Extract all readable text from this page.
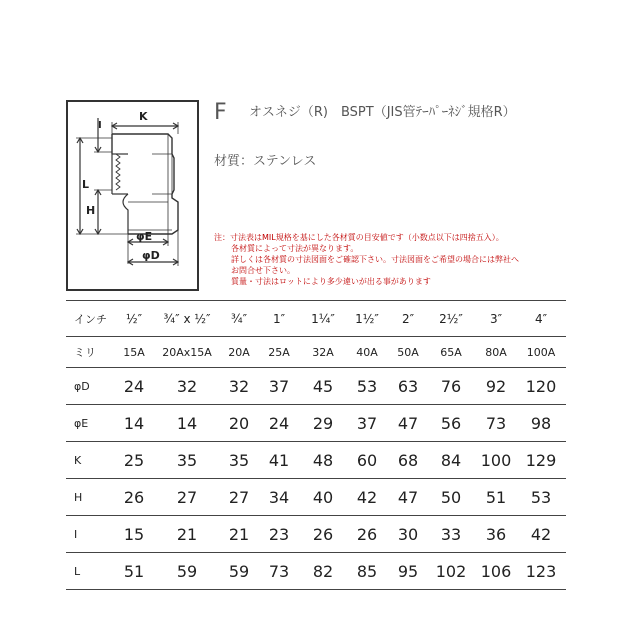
K
I
L
H
φE
φD
F オスネジ（R)　BSPT（JIS管ﾃｰﾊﾟｰﾈｼﾞ規格R）
材質：ステンレス
注：寸法表はMIL規格を基にした各材質の目安値です（小数点以下は四捨五入）。
各材質によって寸法が異なります。
詳しくは各材質の寸法図面をご確認下さい。寸法図面をご希望の場合には弊社へ
お問合せ下さい。
質量・寸法はロットにより多少違いが出る事があります
インチ	½″	¾″ x ½″	¾″	1″	1¼″	1½″	2″	2½″	3″	4″
ミリ	15A	20Ax15A	20A	25A	32A	40A	50A	65A	80A	100A
φD	24	32	32	37	45	53	63	76	92	120
φE	14	14	20	24	29	37	47	56	73	98
K	25	35	35	41	48	60	68	84	100	129
H	26	27	27	34	40	42	47	50	51	53
I	15	21	21	23	26	26	30	33	36	42
L	51	59	59	73	82	85	95	102	106	123
